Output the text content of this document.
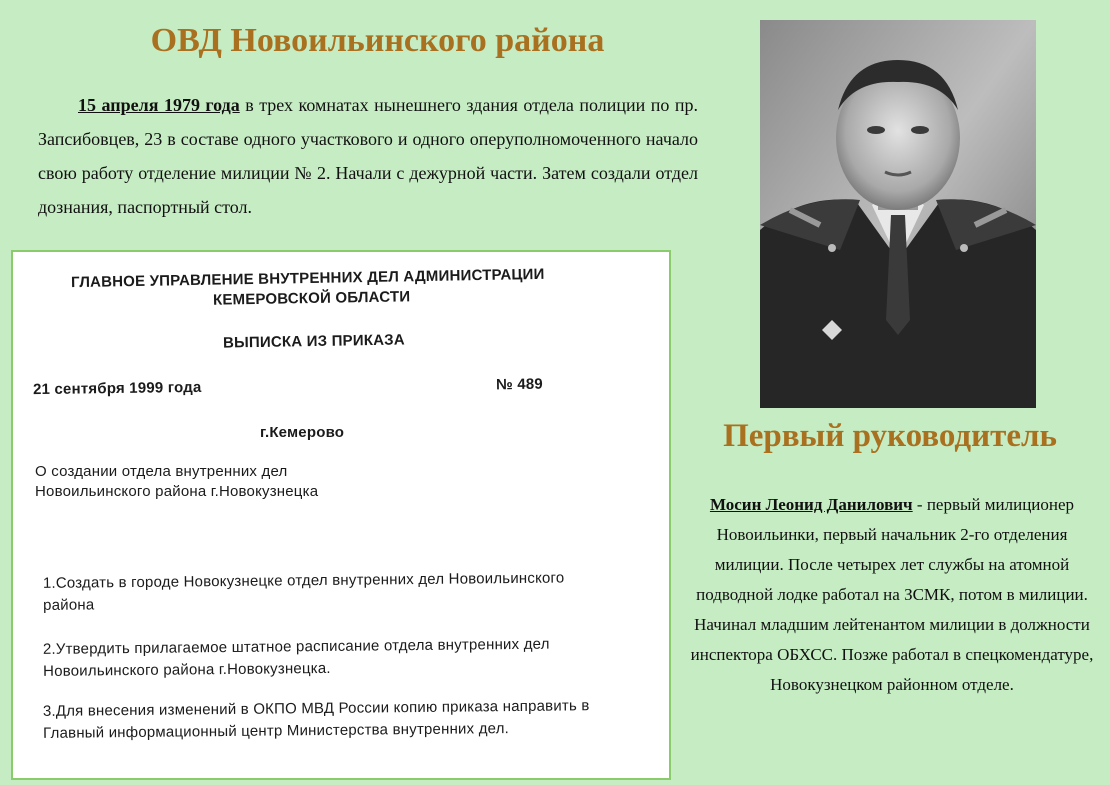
ОВД Новоильинского района
15 апреля 1979 года в трех комнатах нынешнего здания отдела полиции по пр. Запсибовцев, 23 в составе одного участкового и одного оперуполномоченного начало свою работу отделение милиции № 2. Начали с дежурной части. Затем создали отдел дознания, паспортный стол.
ГЛАВНОЕ УПРАВЛЕНИЕ ВНУТРЕННИХ ДЕЛ АДМИНИСТРАЦИИ
КЕМЕРОВСКОЙ ОБЛАСТИ
ВЫПИСКА ИЗ ПРИКАЗА
21 сентября 1999 года	№ 489
г.Кемерово
О создании отдела внутренних дел Новоильинского района г.Новокузнецка
1.Создать в городе Новокузнецке отдел внутренних дел Новоильинского района
2.Утвердить прилагаемое штатное расписание отдела внутренних дел Новоильинского района г.Новокузнецка.
3.Для внесения изменений в ОКПО МВД России копию приказа направить в Главный информационный центр Министерства внутренних дел.
Первый руководитель
Мосин Леонид Данилович - первый милиционер Новоильинки, первый начальник 2-го отделения милиции. После четырех лет службы на атомной подводной лодке работал на ЗСМК, потом в милиции. Начинал младшим лейтенантом милиции в должности инспектора ОБХСС. Позже работал в спецкомендатуре, Новокузнецком районном отделе.
